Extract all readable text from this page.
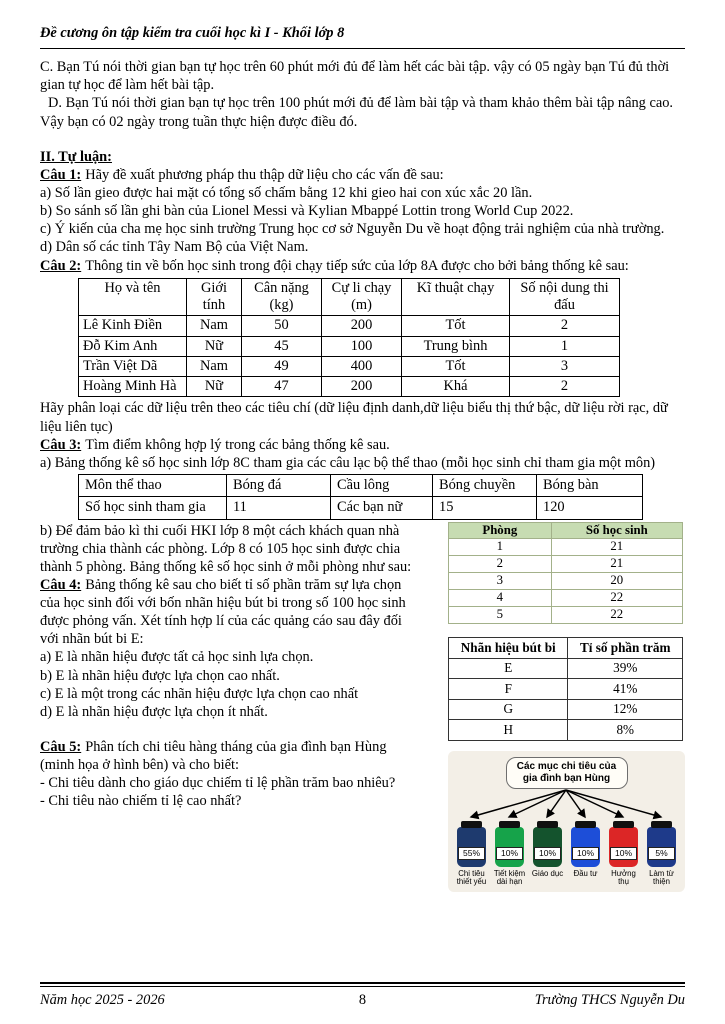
Đề cương ôn tập kiểm tra cuối học kì I - Khối lớp 8

C. Bạn Tú nói thời gian bạn tự học trên 60 phút mới đủ để làm hết các bài tập. vậy có 05 ngày bạn Tú đủ thời gian tự học để làm hết bài tập.

D. Bạn Tú nói thời gian bạn tự học trên 100 phút mới đủ để làm bài tập và tham khảo thêm bài tập nâng cao. Vậy bạn có 02 ngày trong tuần thực hiện được điều đó.

II. Tự luận:

Câu 1: Hãy đề xuất phương pháp thu thập dữ liệu cho các vấn đề sau:

a) Số lần gieo được hai mặt có tổng số chấm bằng 12 khi gieo hai con xúc xắc 20 lần.

b) So sánh số lần ghi bàn của Lionel Messi và Kylian Mbappé Lottin trong World Cup 2022.

c) Ý kiến của cha mẹ học sinh trường Trung học cơ sở Nguyễn Du về hoạt động trải nghiệm của nhà trường.

d) Dân số các tỉnh Tây Nam Bộ của Việt Nam.

Câu 2: Thông tin về bốn học sinh trong đội chạy tiếp sức của lớp 8A được cho bởi bảng thống kê sau:

Họ và tên	Giới tính	Cân nặng (kg)	Cự li chạy (m)	Kĩ thuật chạy	Số nội dung thi đấu
Lê Kinh Điền	Nam	50	200	Tốt	2
Đỗ Kim Anh	Nữ	45	100	Trung bình	1
Trần Việt Dã	Nam	49	400	Tốt	3
Hoàng Minh Hà	Nữ	47	200	Khá	2

Hãy phân loại các dữ liệu trên theo các tiêu chí (dữ liệu định danh,dữ liệu biểu thị thứ bậc, dữ liệu rời rạc, dữ liệu liên tục)

Câu 3: Tìm điểm không hợp lý trong các bảng thống kê sau.

a) Bảng thống kê số học sinh lớp 8C tham gia các câu lạc bộ thể thao (mỗi học sinh chỉ tham gia một môn)

Môn thể thao	Bóng đá	Cầu lông	Bóng chuyền	Bóng bàn
Số học sinh tham gia	11	Các bạn nữ	15	120

b) Để đảm bảo kì thi cuối HKI lớp 8 một cách khách quan nhà trường chia thành các phòng. Lớp 8 có 105 học sinh được chia thành 5 phòng. Bảng thống kê số học sinh ở mỗi phòng như sau:

Câu 4: Bảng thống kê sau cho biết tỉ số phần trăm sự lựa chọn của học sinh đối với bốn nhãn hiệu bút bi trong số 100 học sinh được phỏng vấn. Xét tính hợp lí của các quảng cáo sau đây đối với nhãn bút bi E:

a) E là nhãn hiệu được tất cả học sinh lựa chọn.

b) E là nhãn hiệu được lựa chọn cao nhất.

c) E là một trong các nhãn hiệu được lựa chọn cao nhất

d) E là nhãn hiệu được lựa chọn ít nhất.

Câu 5: Phân tích chi tiêu hàng tháng của gia đình bạn Hùng (minh họa ở hình bên) và cho biết:

- Chi tiêu dành cho giáo dục chiếm tỉ lệ phần trăm bao nhiêu?

- Chi tiêu nào chiếm tỉ lệ cao nhất?

Phòng	Số học sinh
1	21
2	21
3	20
4	22
5	22
Nhãn hiệu bút bi	Tỉ số phần trăm
E	39%
F	41%
G	12%
H	8%
Các mục chi tiêu của gia đình bạn Hùng
55%
Chi tiêu thiết yếu
10%
Tiết kiệm dài hạn
10%
Giáo dục
10%
Đầu tư
10%
Hưởng thụ
5%
Làm từ thiện
Năm học 2025 - 2026	8	Trường THCS Nguyễn Du
